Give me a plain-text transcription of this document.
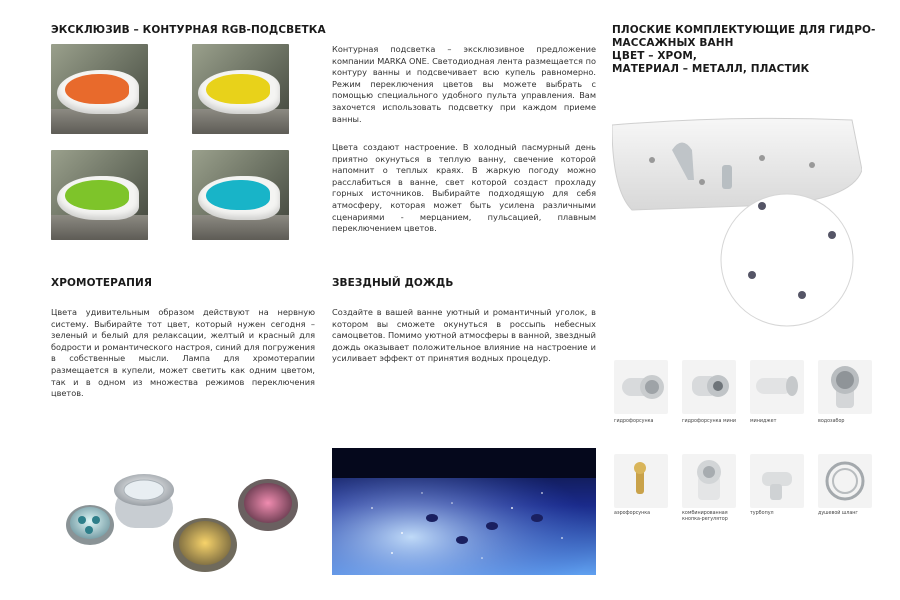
ЭКСКЛЮЗИВ – КОНТУРНАЯ RGB-ПОДСВЕТКА
Контурная подсветка – эксклюзивное предложение компании MARKA ONE. Светодиодная лента размещается по контуру ванны и подсвечивает всю купель равномерно. Режим переключения цветов вы можете выбрать с помощью специального удобного пульта управления. Вам захочется использовать подсветку при каждом приеме ванны.
Цвета создают настроение. В холодный пасмурный день приятно окунуться в теплую ванну, свечение которой напомнит о теплых краях. В жаркую погоду можно расслабиться в ванне, свет которой создаст прохладу горных источников. Выбирайте подходящую для себя атмосферу, которая может быть усилена различными сценариями - мерцанием, пульсацией, плавным переключением цветов.
ХРОМОТЕРАПИЯ
Цвета удивительным образом действуют на нервную систему. Выбирайте тот цвет, который нужен сегодня – зеленый и белый для релаксации, желтый и красный для бодрости и романтического настроя, синий для погружения в собственные мысли. Лампа для хромотерапии размещается в купели, может светить как одним цветом, так и в одном из множества режимов переключения цветов.
ЗВЕЗДНЫЙ ДОЖДЬ
Создайте в вашей ванне уютный и романтичный уголок, в котором вы сможете окунуться в россыпь небесных самоцветов. Помимо уютной атмосферы в ванной, звездный дождь оказывает положительное влияние на настроение и усиливает эффект от принятия водных процедур.
ПЛОСКИЕ КОМПЛЕКТУЮЩИЕ ДЛЯ ГИДРО-
МАССАЖНЫХ ВАНН
ЦВЕТ – ХРОМ,
МАТЕРИАЛ – МЕТАЛЛ, ПЛАСТИК
гидрофорсунка	гидрофорсунка мини	миниджет	водозабор
аэрофорсунка	комбинированная кнопка-регулятор
турбопул	душевой шланг
